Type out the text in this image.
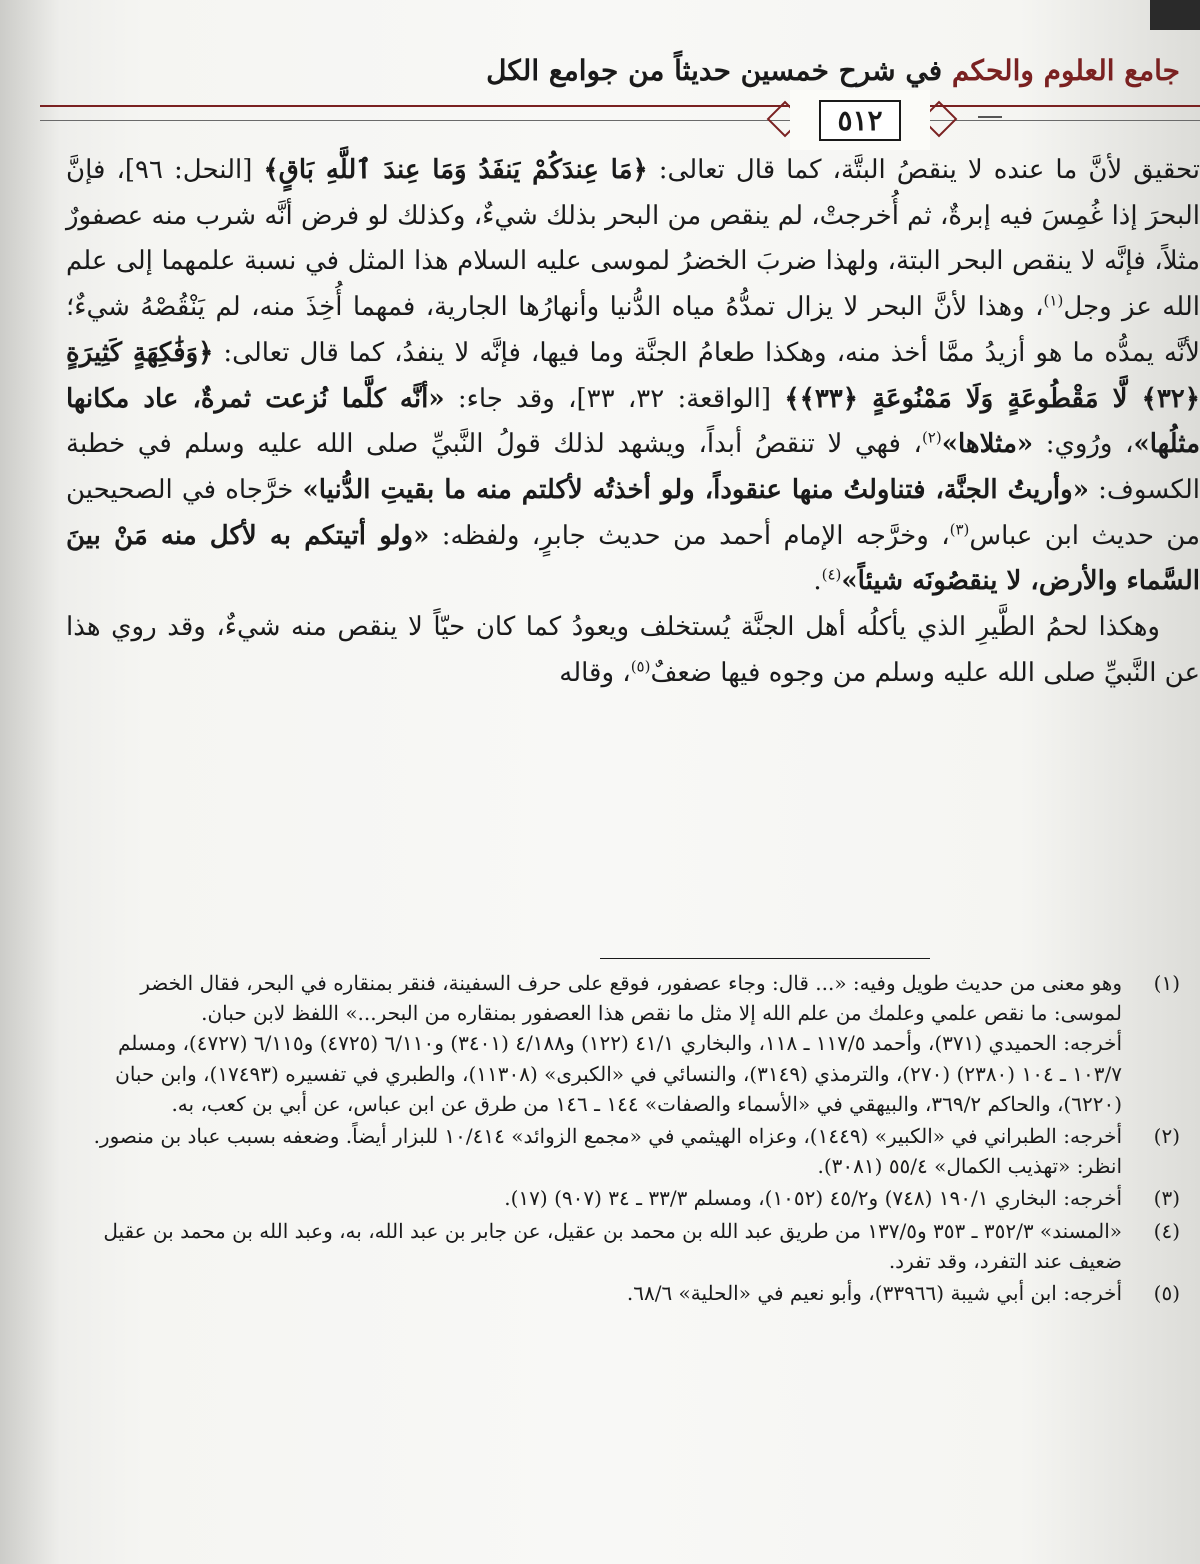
جامع العلوم والحكم في شرح خمسين حديثاً من جوامع الكل
٥١٢

تحقيق لأنَّ ما عنده لا ينقصُ البتَّة، كما قال تعالى: ﴿مَا عِندَكُمْ يَنفَدُ وَمَا عِندَ ٱللَّهِ بَاقٍ﴾ [النحل: ٩٦]، فإنَّ البحرَ إذا غُمِسَ فيه إبرةٌ، ثم أُخرجتْ، لم ينقص من البحر بذلك شيءٌ، وكذلك لو فرض أنَّه شرب منه عصفورٌ مثلاً، فإنَّه لا ينقص البحر البتة، ولهذا ضربَ الخضرُ لموسى عليه السلام هذا المثل في نسبة علمهما إلى علم الله عز وجل$^{(١)}$، وهذا لأنَّ البحر لا يزال تمدُّهُ مياه الدُّنيا وأنهارُها الجارية، فمهما أُخِذَ منه، لم يَنْقُصْهُ شيءٌ؛ لأنَّه يمدُّه ما هو أزيدُ ممَّا أخذ منه، وهكذا طعامُ الجنَّة وما فيها، فإنَّه لا ينفدُ، كما قال تعالى: ﴿وَفَٰكِهَةٍ كَثِيرَةٍ ﴿٣٢﴾ لَّا مَقْطُوعَةٍ وَلَا مَمْنُوعَةٍ ﴿٣٣﴾﴾ [الواقعة: ٣٢، ٣٣]، وقد جاء: «أنَّه كلَّما نُزعت ثمرةٌ، عاد مكانها مثلُها»، ورُوي: «مثلاها»$^{(٢)}$، فهي لا تنقصُ أبداً، ويشهد لذلك قولُ النَّبيِّ صلى الله عليه وسلم في خطبة الكسوف: «وأريتُ الجنَّة، فتناولتُ منها عنقوداً، ولو أخذتُه لأكلتم منه ما بقيتِ الدُّنيا» خرَّجاه في الصحيحين من حديث ابن عباس$^{(٣)}$، وخرَّجه الإمام أحمد من حديث جابرٍ، ولفظه: «ولو أتيتكم به لأكل منه مَنْ بينَ السَّماء والأرض، لا ينقصُونَه شيئاً»$^{(٤)}$.

وهكذا لحمُ الطَّيرِ الذي يأكلُه أهل الجنَّة يُستخلف ويعودُ كما كان حيّاً لا ينقص منه شيءٌ، وقد روي هذا عن النَّبيِّ صلى الله عليه وسلم من وجوه فيها ضعفٌ$^{(٥)}$، وقاله

(١)

وهو معنى من حديث طويل وفيه: «... قال: وجاء عصفور، فوقع على حرف السفينة، فنقر بمنقاره في البحر، فقال الخضر لموسى: ما نقص علمي وعلمك من علم الله إلا مثل ما نقص هذا العصفور بمنقاره من البحر...» اللفظ لابن حبان.

أخرجه: الحميدي (٣٧١)، وأحمد ١١٧/٥ ـ ١١٨، والبخاري ٤١/١ (١٢٢) و٤/١٨٨ (٣٤٠١) و٦/١١٠ (٤٧٢٥) و٦/١١٥ (٤٧٢٧)، ومسلم ١٠٣/٧ ـ ١٠٤ (٢٣٨٠) (٢٧٠)، والترمذي (٣١٤٩)، والنسائي في «الكبرى» (١١٣٠٨)، والطبري في تفسيره (١٧٤٩٣)، وابن حبان (٦٢٢٠)، والحاكم ٣٦٩/٢، والبيهقي في «الأسماء والصفات» ١٤٤ ـ ١٤٦ من طرق عن ابن عباس، عن أبي بن كعب، به.

(٢)

أخرجه: الطبراني في «الكبير» (١٤٤٩)، وعزاه الهيثمي في «مجمع الزوائد» ١٠/٤١٤ للبزار أيضاً. وضعفه بسبب عباد بن منصور. انظر: «تهذيب الكمال» ٥٥/٤ (٣٠٨١).

(٣)

أخرجه: البخاري ١٩٠/١ (٧٤٨) و٤٥/٢ (١٠٥٢)، ومسلم ٣٣/٣ ـ ٣٤ (٩٠٧) (١٧).

(٤)

«المسند» ٣٥٢/٣ ـ ٣٥٣ و١٣٧/٥ من طريق عبد الله بن محمد بن عقيل، عن جابر بن عبد الله، به، وعبد الله بن محمد بن عقيل ضعيف عند التفرد، وقد تفرد.

(٥)

أخرجه: ابن أبي شيبة (٣٣٩٦٦)، وأبو نعيم في «الحلية» ٦٨/٦.
